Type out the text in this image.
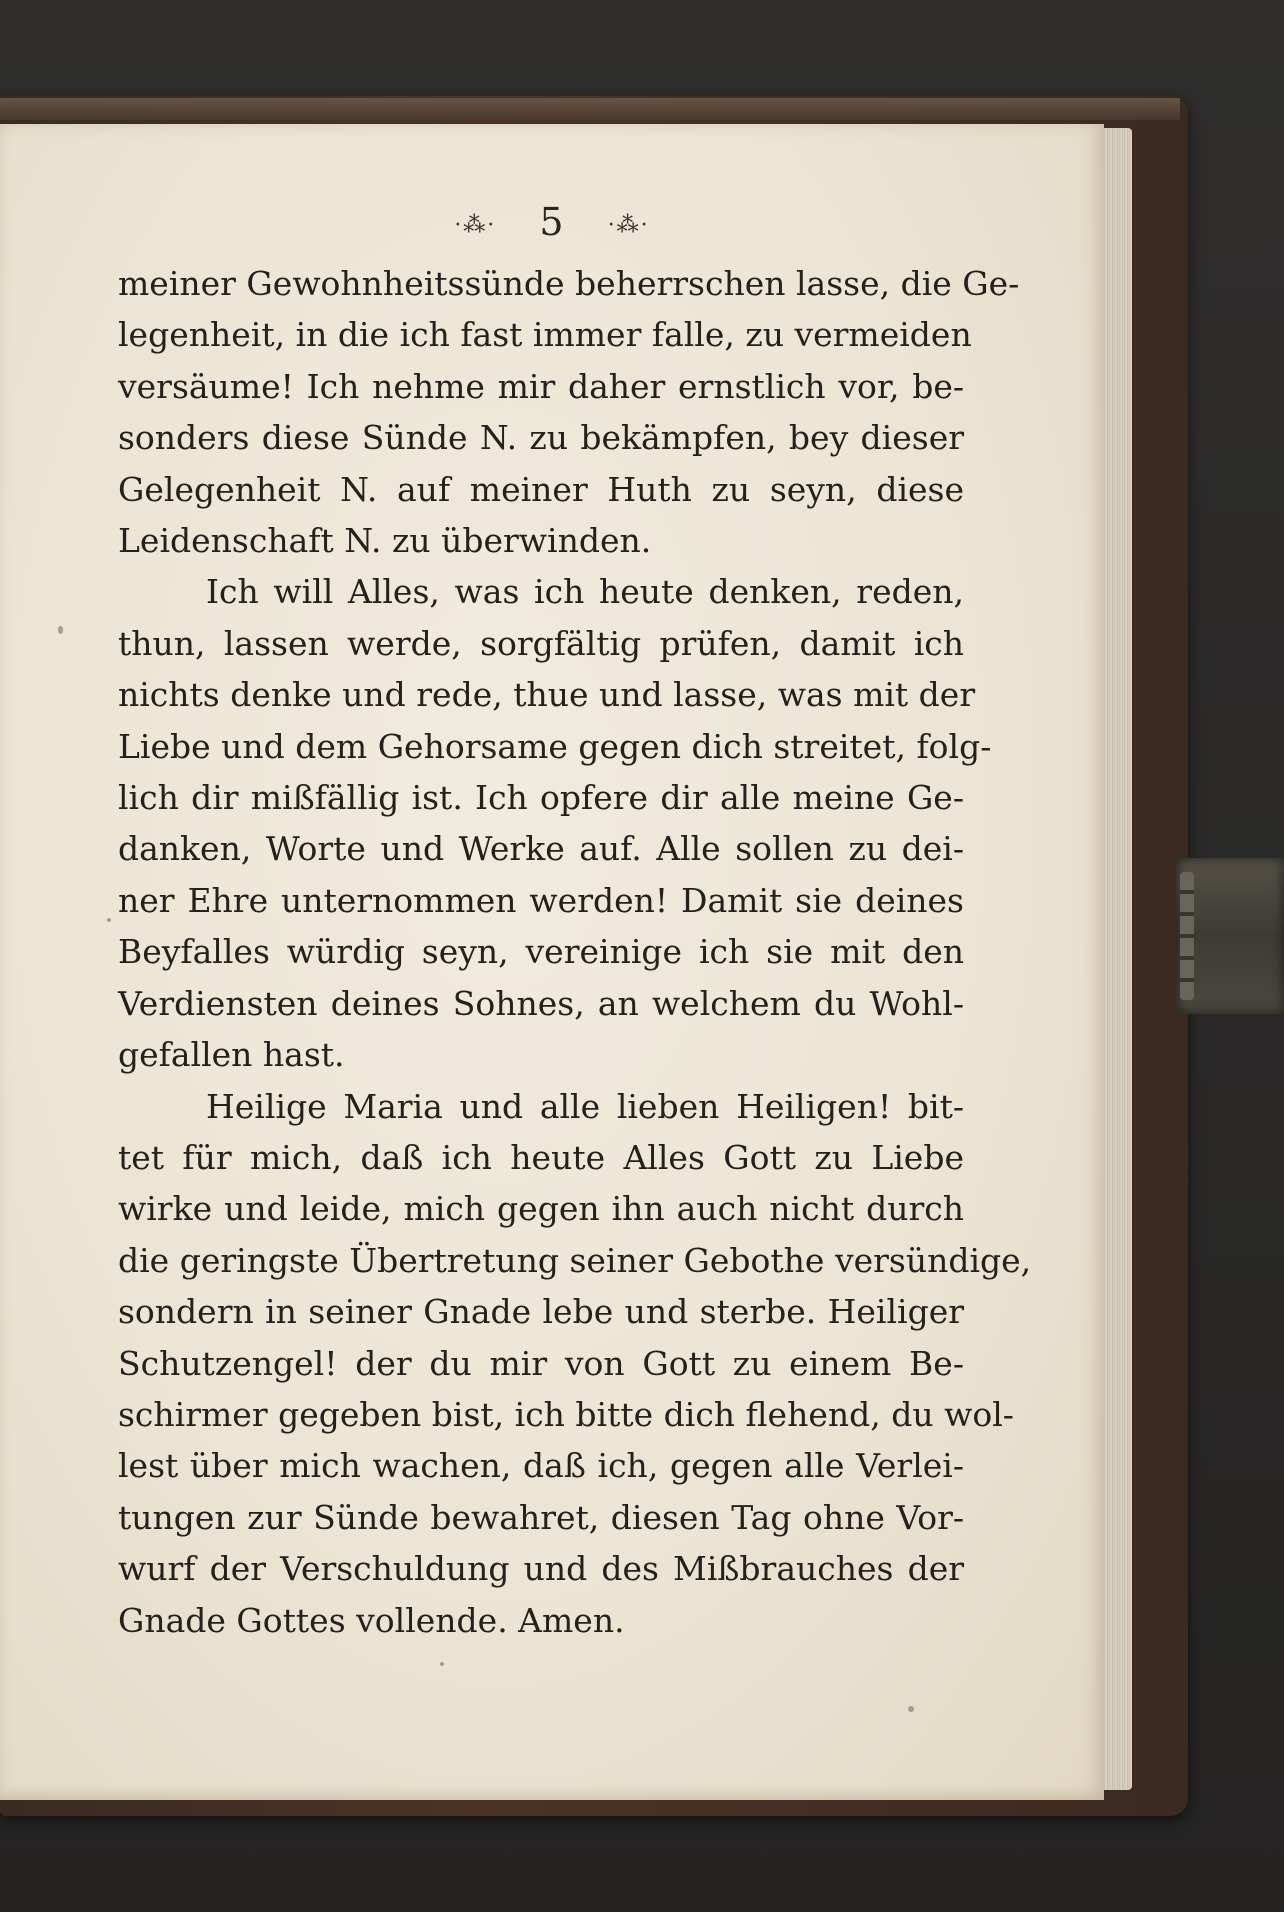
·⁂· 5 ·⁂·
meiner Gewohnheitssünde beherrschen lasse, die Ge-
legenheit, in die ich fast immer falle, zu vermeiden
versäume! Ich nehme mir daher ernstlich vor, be-
sonders diese Sünde N. zu bekämpfen, bey dieser
Gelegenheit N. auf meiner Huth zu seyn, diese
Leidenschaft N. zu überwinden.
Ich will Alles, was ich heute denken, reden,
thun, lassen werde, sorgfältig prüfen, damit ich
nichts denke und rede, thue und lasse, was mit der
Liebe und dem Gehorsame gegen dich streitet, folg-
lich dir mißfällig ist. Ich opfere dir alle meine Ge-
danken, Worte und Werke auf. Alle sollen zu dei-
ner Ehre unternommen werden! Damit sie deines
Beyfalles würdig seyn, vereinige ich sie mit den
Verdiensten deines Sohnes, an welchem du Wohl-
gefallen hast.
Heilige Maria und alle lieben Heiligen! bit-
tet für mich, daß ich heute Alles Gott zu Liebe
wirke und leide, mich gegen ihn auch nicht durch
die geringste Übertretung seiner Gebothe versündige,
sondern in seiner Gnade lebe und sterbe. Heiliger
Schutzengel! der du mir von Gott zu einem Be-
schirmer gegeben bist, ich bitte dich flehend, du wol-
lest über mich wachen, daß ich, gegen alle Verlei-
tungen zur Sünde bewahret, diesen Tag ohne Vor-
wurf der Verschuldung und des Mißbrauches der
Gnade Gottes vollende. Amen.
